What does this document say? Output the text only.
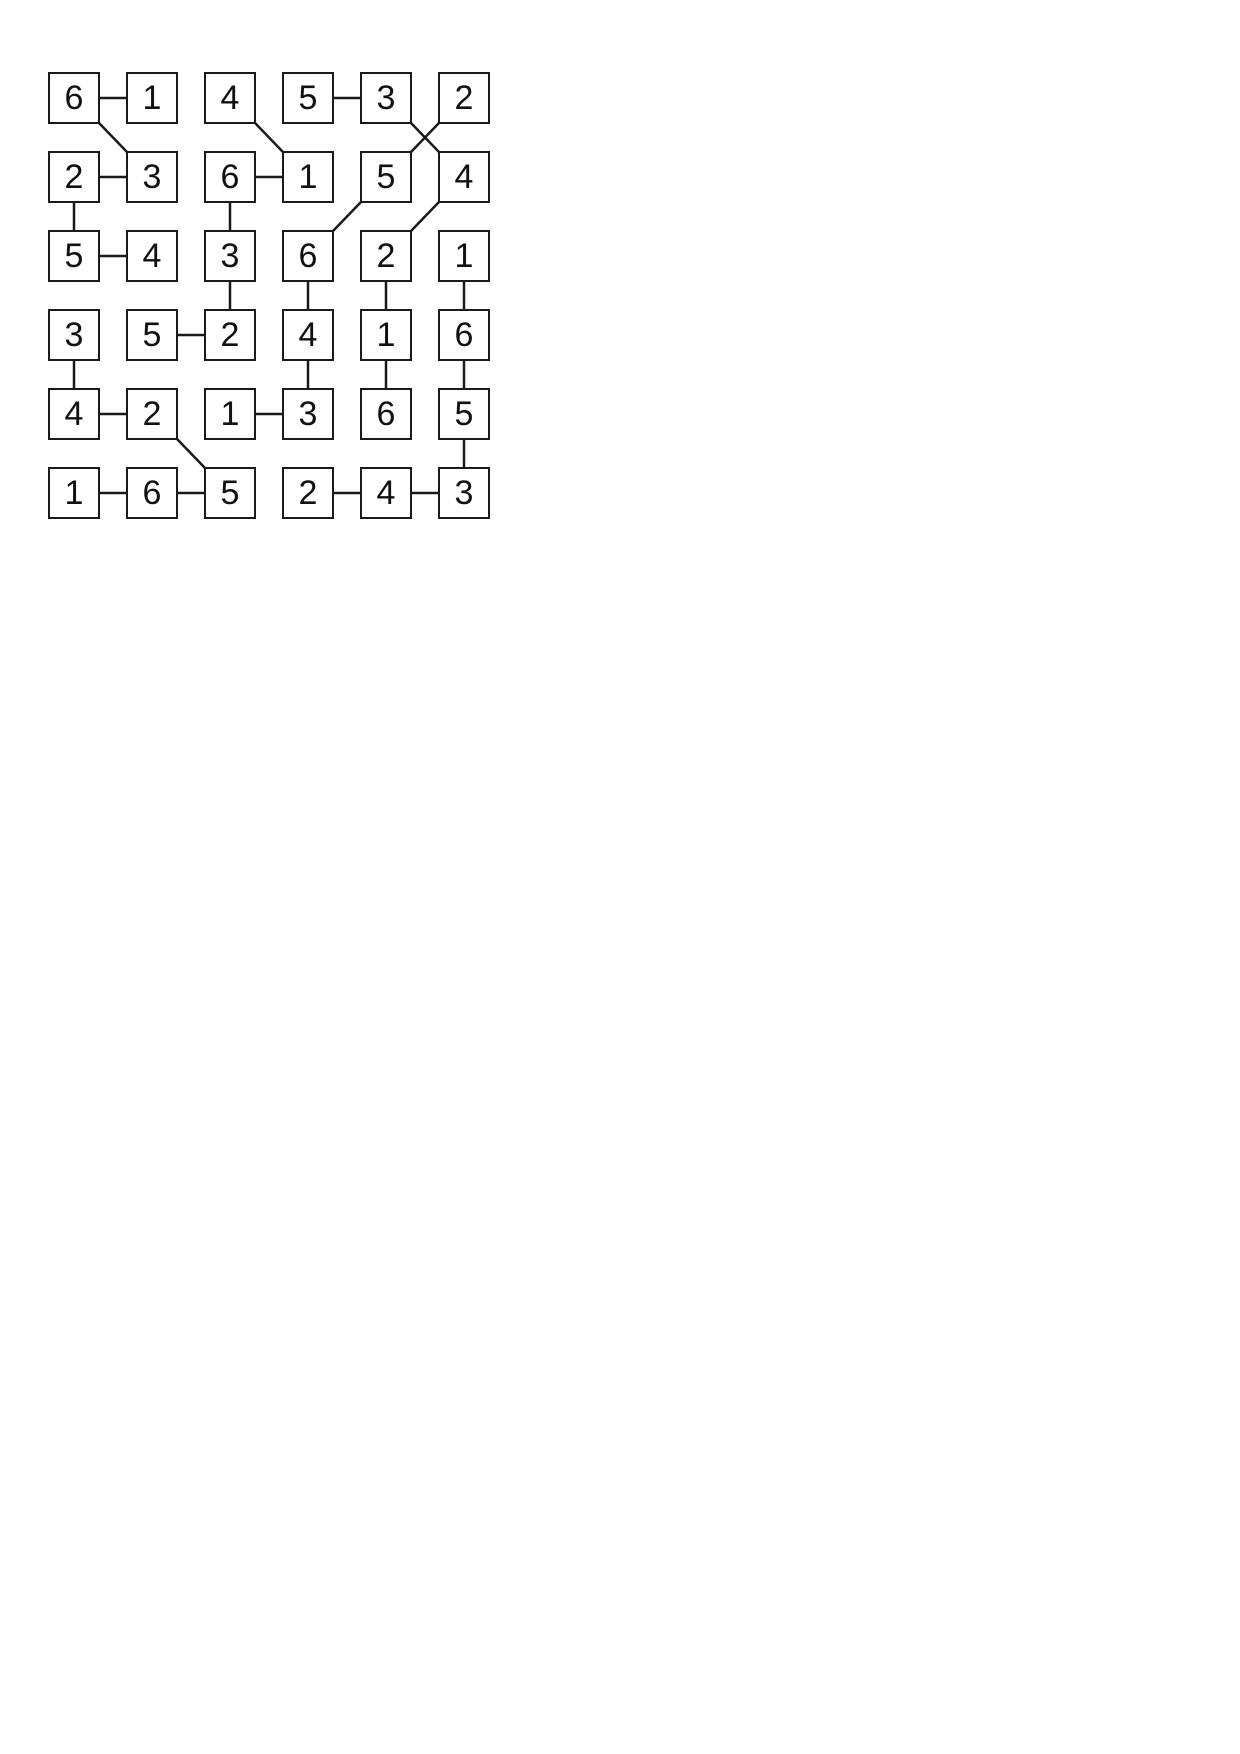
6	1	4	5	3	2
2	3	6	1	5	4
5	4	3	6	2	1
3	5	2	4	1	6
4	2	1	3	6	5
1	6	5	2	4	3
